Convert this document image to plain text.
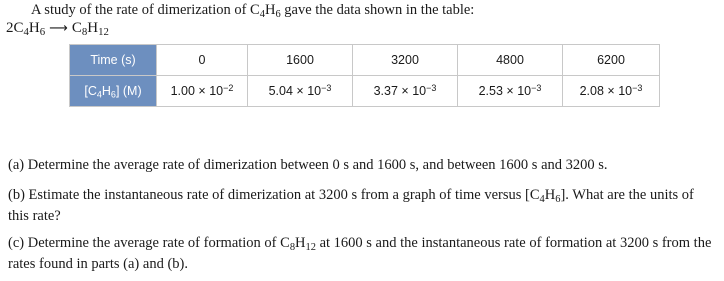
A study of the rate of dimerization of $C_4H_6$ gave the data shown in the table:
$2C_4H_6$ ⟶ $C_8H_{12}$
Time (s)	0	1600	3200	4800	6200
$[C_4H_6]$ (M)	$1.00 \times 10^{-2}$	$5.04 \times 10^{-3}$	$3.37 \times 10^{-3}$	$2.53 \times 10^{-3}$	$2.08 \times 10^{-3}$
(a) Determine the average rate of dimerization between 0 s and 1600 s, and between 1600 s and 3200 s.
(b) Estimate the instantaneous rate of dimerization at 3200 s from a graph of time versus $[C_4H_6]$. What are the units of this rate?
(c) Determine the average rate of formation of $C_8H_{12}$ at 1600 s and the instantaneous rate of formation at 3200 s from the rates found in parts (a) and (b).
